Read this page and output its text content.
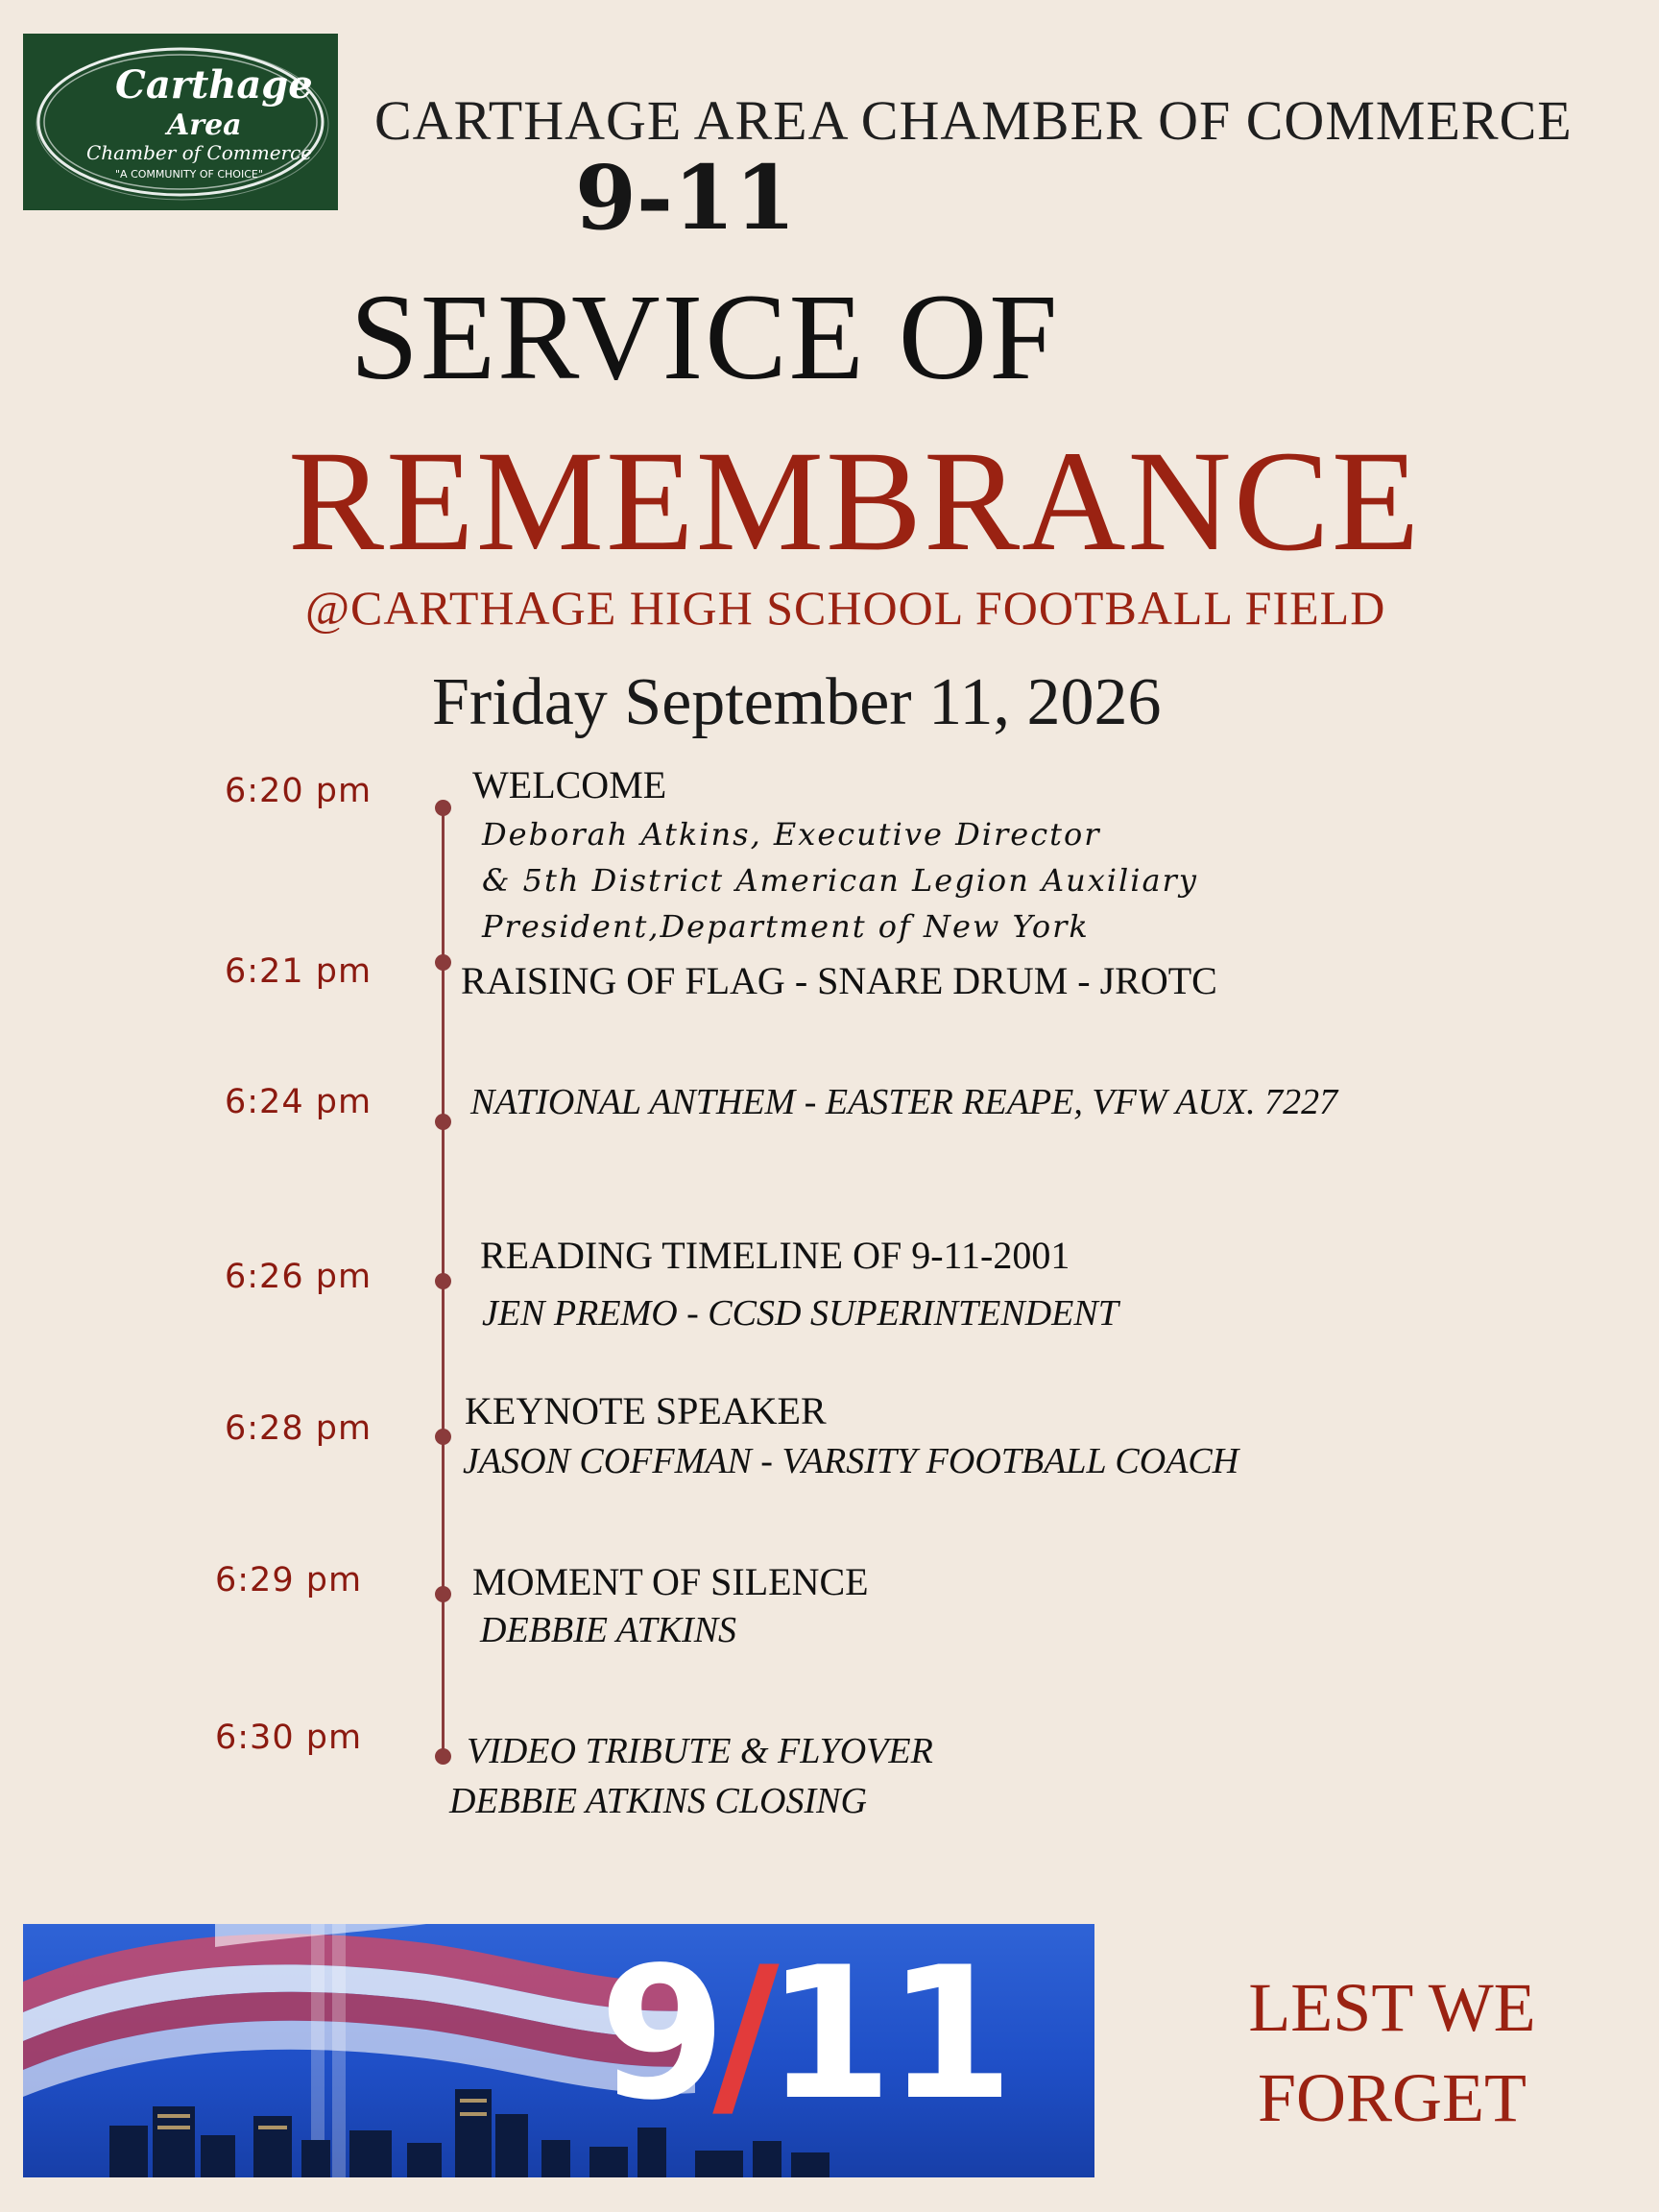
Carthage
Area
Chamber of Commerce
"A COMMUNITY OF CHOICE"
CARTHAGE AREA CHAMBER OF COMMERCE
9-11
SERVICE OF
REMEMBRANCE
@CARTHAGE HIGH SCHOOL FOOTBALL FIELD
Friday September 11, 2026
6:20 pm	WELCOME
Deborah Atkins, Executive Director
& 5th District American Legion Auxiliary
President,Department of New York
6:21 pm RAISING OF FLAG - SNARE DRUM - JROTC
6:24 pm	NATIONAL ANTHEM - EASTER REAPE, VFW AUX. 7227
6:26 pm	READING TIMELINE OF 9-11-2001
JEN PREMO - CCSD SUPERINTENDENT
6:28 pm KEYNOTE SPEAKER
JASON COFFMAN - VARSITY FOOTBALL COACH
6:29 pm	MOMENT OF SILENCE
DEBBIE ATKINS
6:30 pm	VIDEO TRIBUTE & FLYOVER
DEBBIE ATKINS CLOSING
9/11	LEST WE
FORGET
